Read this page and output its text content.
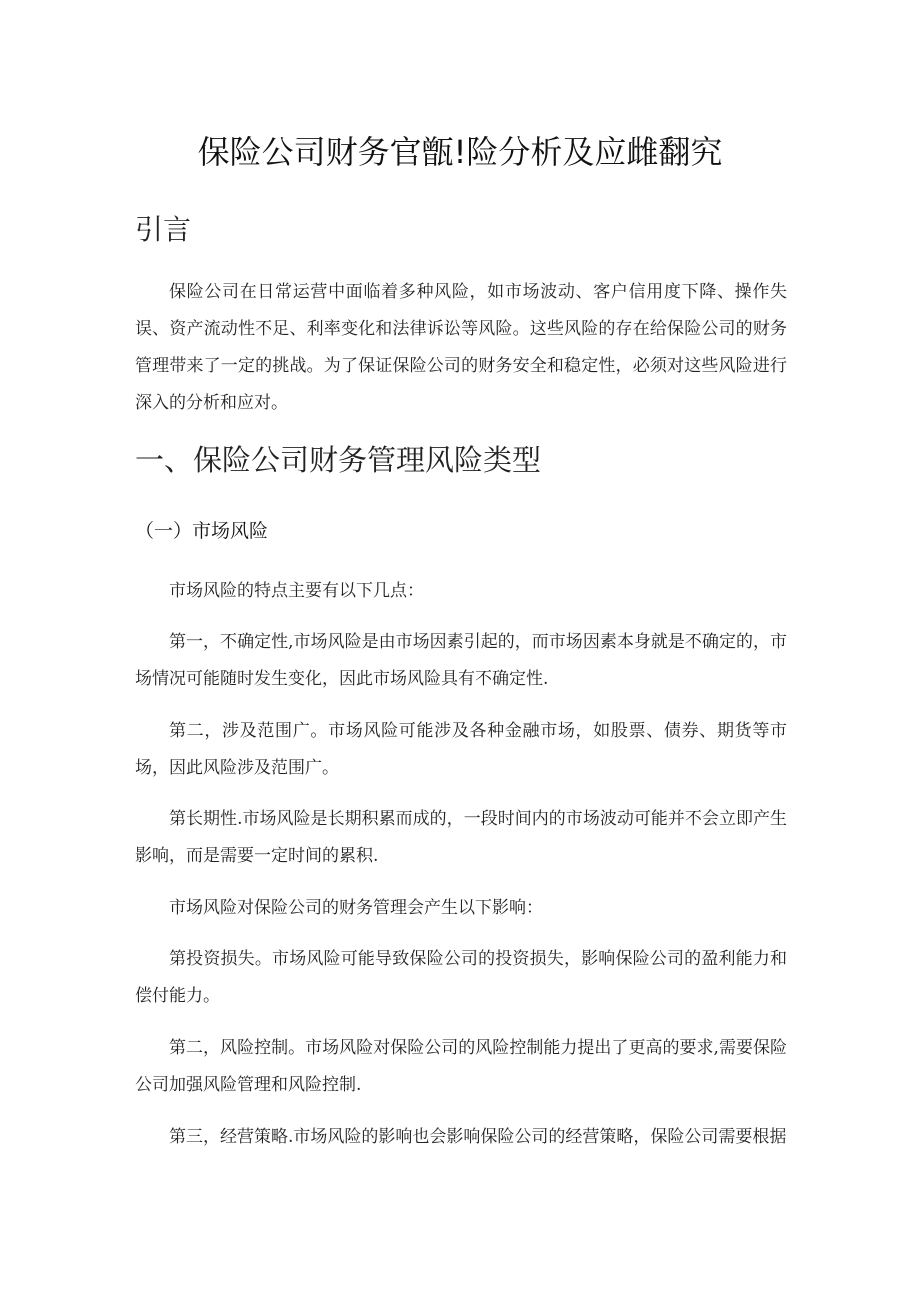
保险公司财务官甑!险分析及应雌翻究
引言

保险公司在日常运营中面临着多种风险，如市场波动、客户信用度下降、操作失误、资产流动性不足、利率变化和法律诉讼等风险。这些风险的存在给保险公司的财务管理带来了一定的挑战。为了保证保险公司的财务安全和稳定性，必须对这些风险进行深入的分析和应对。

一、保险公司财务管理风险类型
（一）市场风险

市场风险的特点主要有以下几点：

第一，不确定性,市场风险是由市场因素引起的，而市场因素本身就是不确定的，市场情况可能随时发生变化，因此市场风险具有不确定性.

第二，涉及范围广。市场风险可能涉及各种金融市场，如股票、债券、期货等市场，因此风险涉及范围广。

第长期性.市场风险是长期积累而成的，一段时间内的市场波动可能并不会立即产生影响，而是需要一定时间的累积.

市场风险对保险公司的财务管理会产生以下影响：

第投资损失。市场风险可能导致保险公司的投资损失，影响保险公司的盈利能力和偿付能力。

第二，风险控制。市场风险对保险公司的风险控制能力提出了更高的要求,需要保险公司加强风险管理和风险控制.

第三，经营策略.市场风险的影响也会影响保险公司的经营策略，保险公司需要根据
